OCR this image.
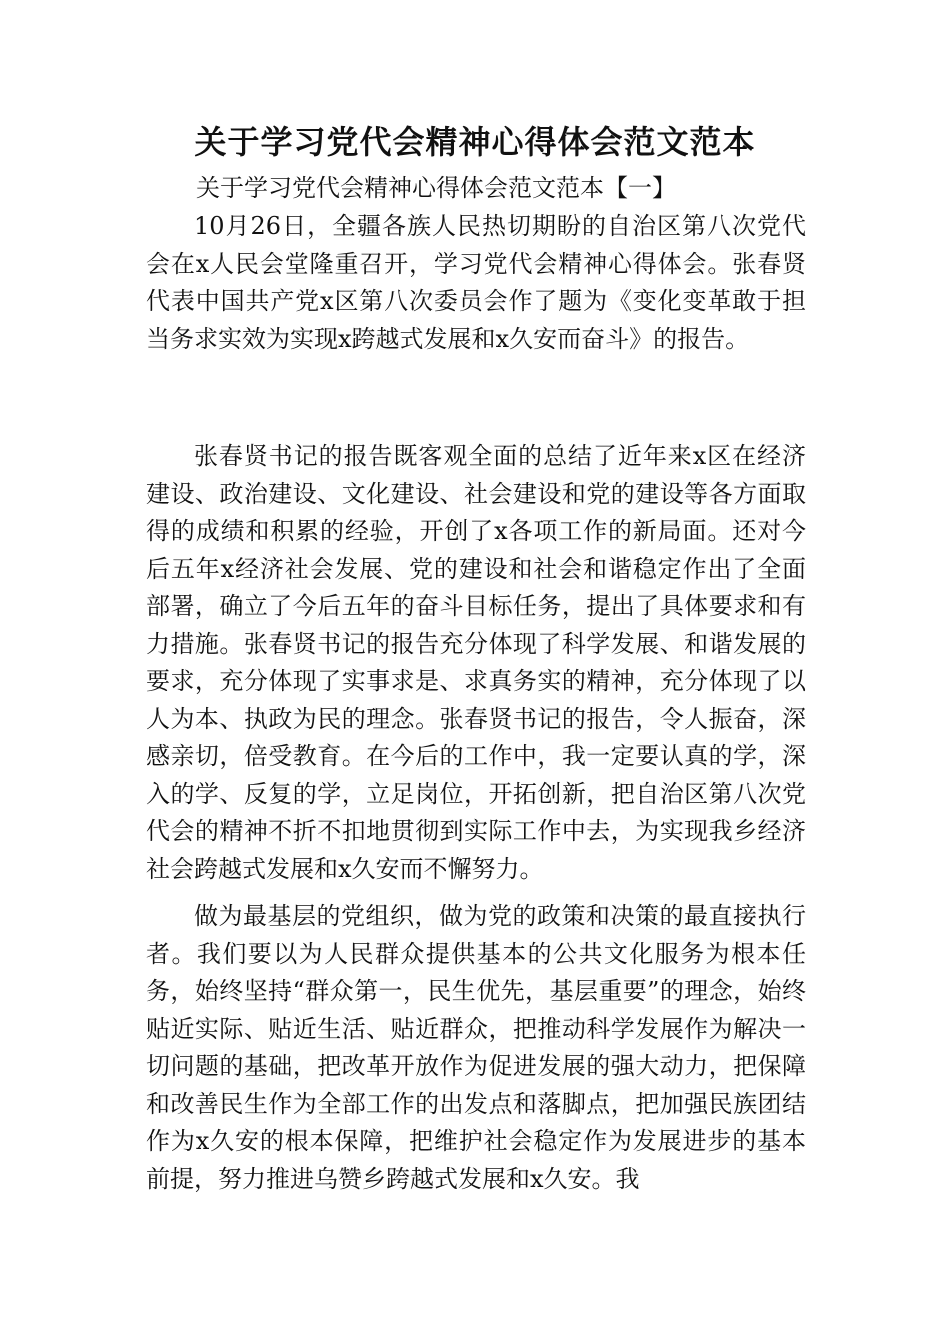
关于学习党代会精神心得体会范文范本

关于学习党代会精神心得体会范文范本【一】

10月26日，全疆各族人民热切期盼的自治区第八次党代会在x人民会堂隆重召开，学习党代会精神心得体会。张春贤代表中国共产党x区第八次委员会作了题为《变化变革敢于担当务求实效为实现x跨越式发展和x久安而奋斗》的报告。

张春贤书记的报告既客观全面的总结了近年来x区在经济建设、政治建设、文化建设、社会建设和党的建设等各方面取得的成绩和积累的经验，开创了x各项工作的新局面。还对今后五年x经济社会发展、党的建设和社会和谐稳定作出了全面部署，确立了今后五年的奋斗目标任务，提出了具体要求和有力措施。张春贤书记的报告充分体现了科学发展、和谐发展的要求，充分体现了实事求是、求真务实的精神，充分体现了以人为本、执政为民的理念。张春贤书记的报告，令人振奋，深感亲切，倍受教育。在今后的工作中，我一定要认真的学，深入的学、反复的学，立足岗位，开拓创新，把自治区第八次党代会的精神不折不扣地贯彻到实际工作中去，为实现我乡经济社会跨越式发展和x久安而不懈努力。

做为最基层的党组织，做为党的政策和决策的最直接执行者。我们要以为人民群众提供基本的公共文化服务为根本任务，始终坚持“群众第一，民生优先，基层重要”的理念，始终贴近实际、贴近生活、贴近群众，把推动科学发展作为解决一切问题的基础，把改革开放作为促进发展的强大动力，把保障和改善民生作为全部工作的出发点和落脚点，把加强民族团结作为x久安的根本保障，把维护社会稳定作为发展进步的基本前提，努力推进乌赞乡跨越式发展和x久安。我
